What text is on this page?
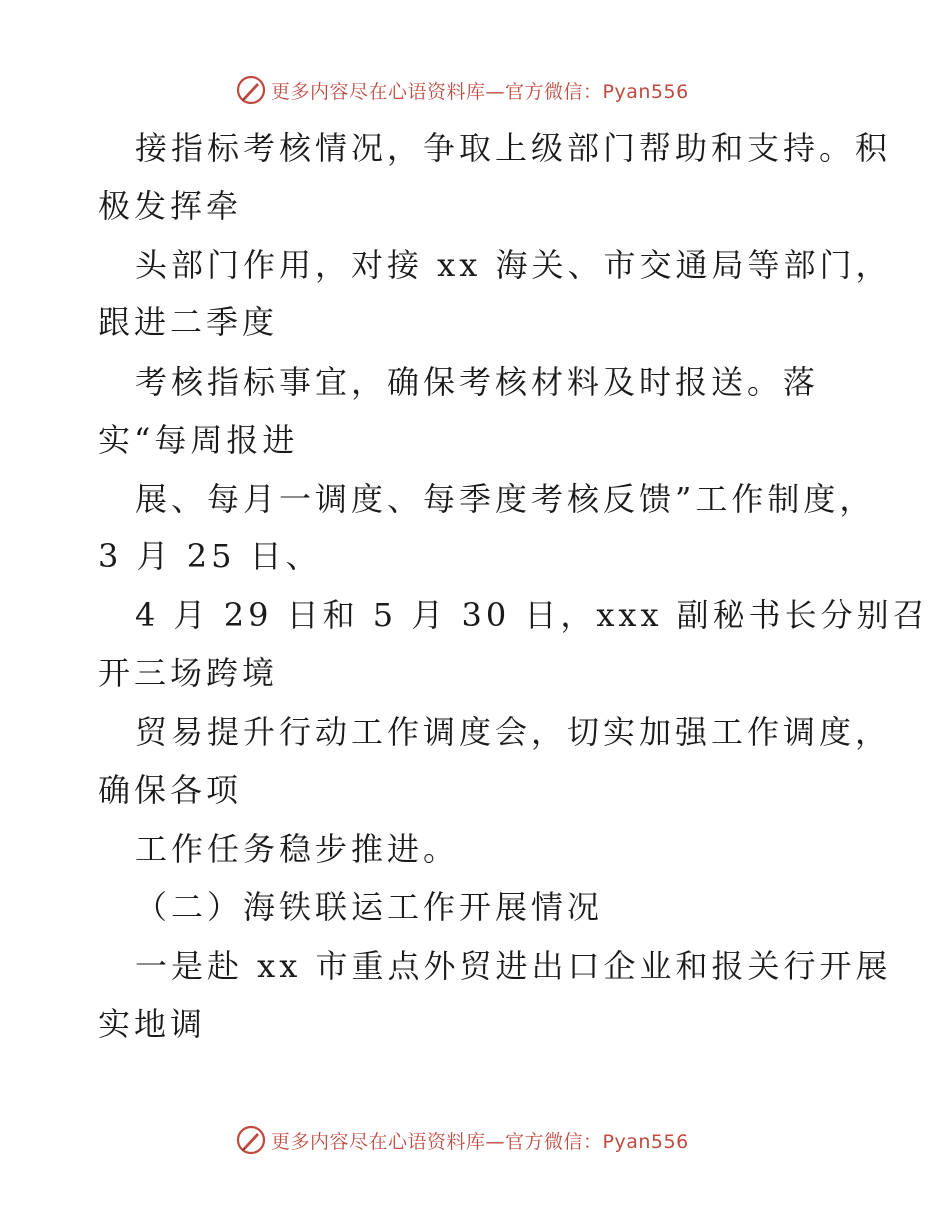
更多内容尽在心语资料库—官方微信：Pyan556
接指标考核情况，争取上级部门帮助和支持。积
极发挥牵
头部门作用，对接 xx 海关、市交通局等部门，
跟进二季度
考核指标事宜，确保考核材料及时报送。落
实“每周报进
展、每月一调度、每季度考核反馈”工作制度，
3 月 25 日、
4 月 29 日和 5 月 30 日，xxx 副秘书长分别召
开三场跨境
贸易提升行动工作调度会，切实加强工作调度，
确保各项
工作任务稳步推进。
（二）海铁联运工作开展情况
一是赴 xx 市重点外贸进出口企业和报关行开展
实地调
更多内容尽在心语资料库—官方微信：Pyan556
